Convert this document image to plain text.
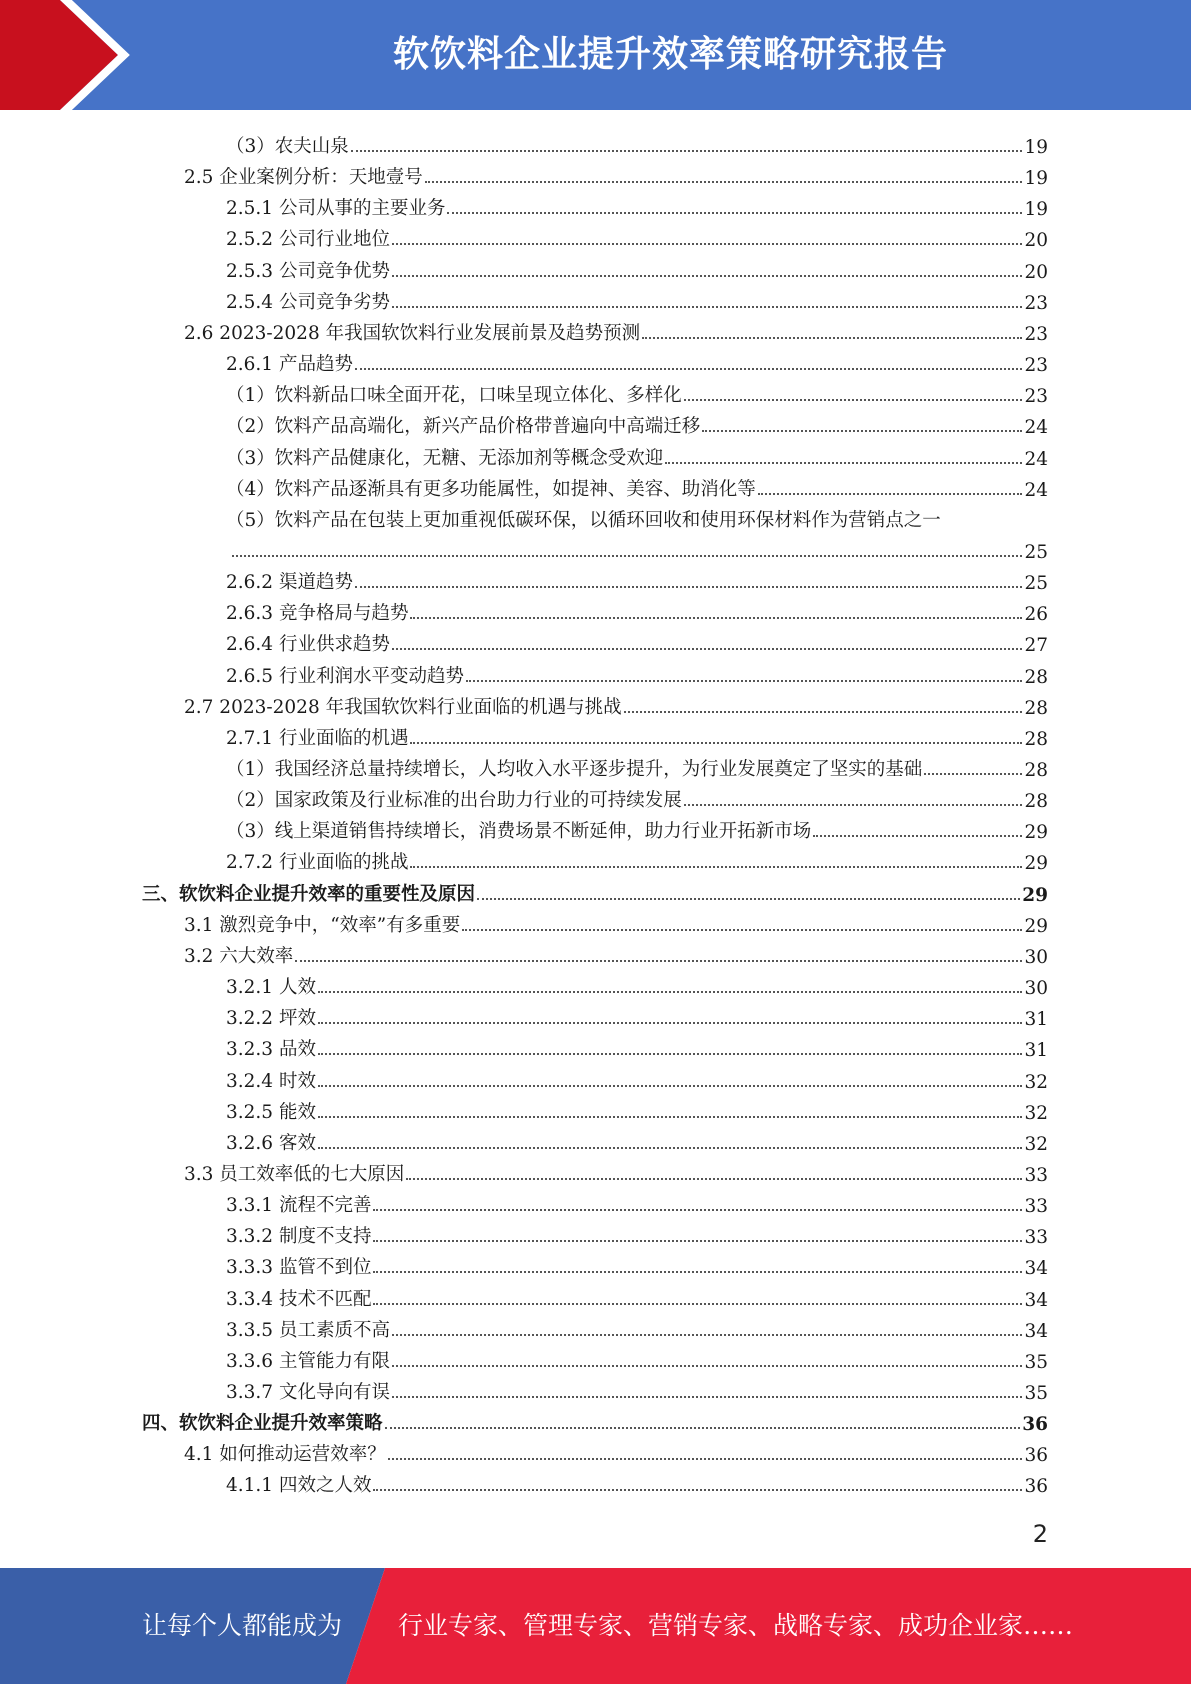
软饮料企业提升效率策略研究报告
（3）农夫山泉	19
2.5 企业案例分析：天地壹号	19
2.5.1 公司从事的主要业务	19
2.5.2 公司行业地位	20
2.5.3 公司竞争优势	20
2.5.4 公司竞争劣势	23
2.6 2023-2028 年我国软饮料行业发展前景及趋势预测	23
2.6.1 产品趋势	23
（1）饮料新品口味全面开花，口味呈现立体化、多样化	23
（2）饮料产品高端化，新兴产品价格带普遍向中高端迁移	24
（3）饮料产品健康化，无糖、无添加剂等概念受欢迎	24
（4）饮料产品逐渐具有更多功能属性，如提神、美容、助消化等	24
（5）饮料产品在包装上更加重视低碳环保，以循环回收和使用环保材料作为营销点之一
25
2.6.2 渠道趋势	25
2.6.3 竞争格局与趋势	26
2.6.4 行业供求趋势	27
2.6.5 行业利润水平变动趋势	28
2.7 2023-2028 年我国软饮料行业面临的机遇与挑战	28
2.7.1 行业面临的机遇	28
（1）我国经济总量持续增长，人均收入水平逐步提升，为行业发展奠定了坚实的基础	28
（2）国家政策及行业标准的出台助力行业的可持续发展	28
（3）线上渠道销售持续增长，消费场景不断延伸，助力行业开拓新市场	29
2.7.2 行业面临的挑战	29
三、软饮料企业提升效率的重要性及原因	29
3.1 激烈竞争中，“效率”有多重要	29
3.2 六大效率	30
3.2.1 人效	30
3.2.2 坪效	31
3.2.3 品效	31
3.2.4 时效	32
3.2.5 能效	32
3.2.6 客效	32
3.3 员工效率低的七大原因	33
3.3.1 流程不完善	33
3.3.2 制度不支持	33
3.3.3 监管不到位	34
3.3.4 技术不匹配	34
3.3.5 员工素质不高	34
3.3.6 主管能力有限	35
3.3.7 文化导向有误	35
四、软饮料企业提升效率策略	36
4.1 如何推动运营效率？	36
4.1.1 四效之人效	36
2
让每个人都能成为 行业专家、管理专家、营销专家、战略专家、成功企业家……
